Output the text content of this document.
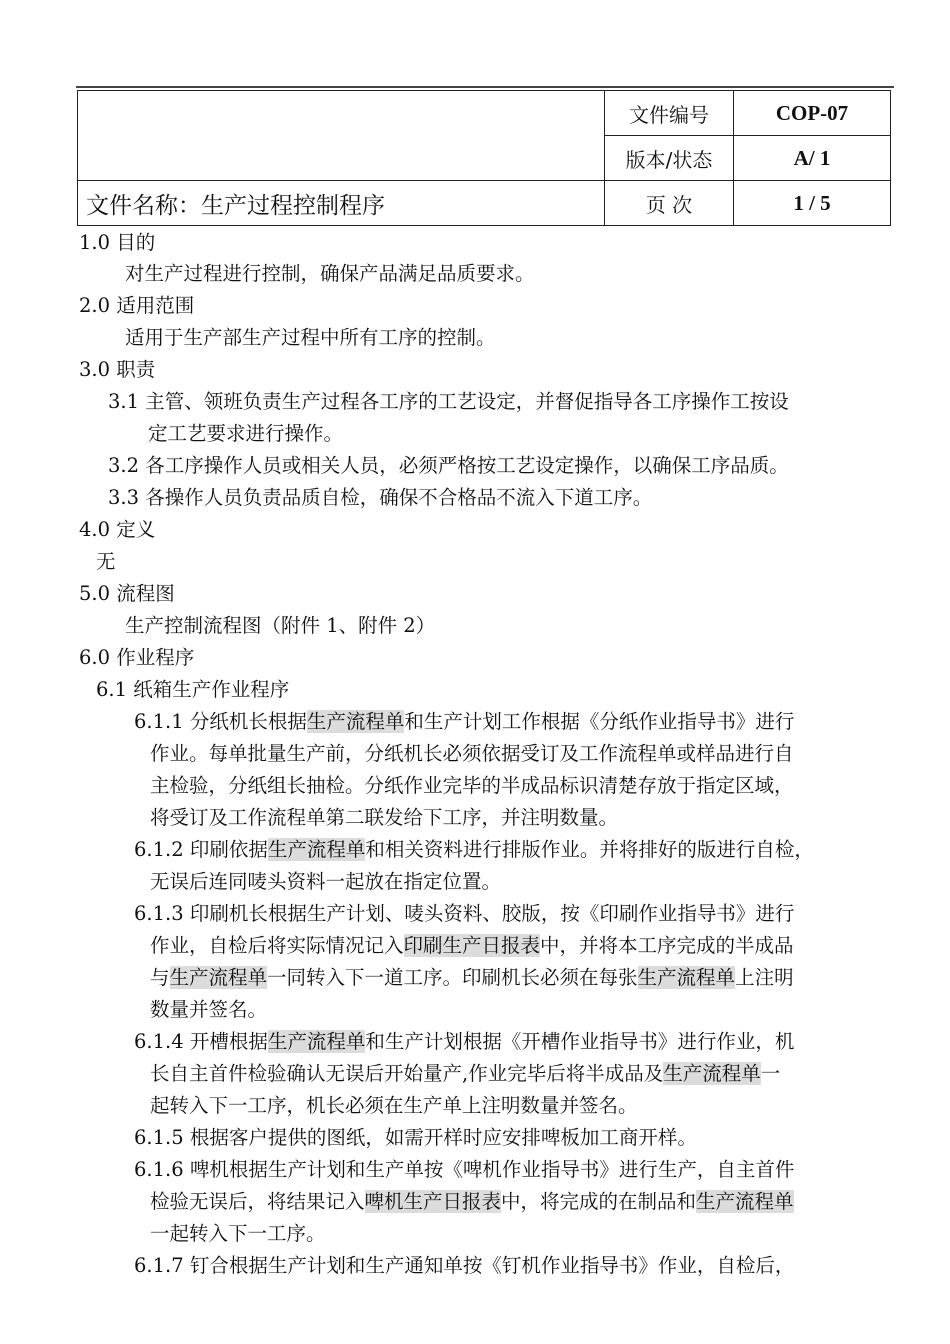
	文件编号	COP-07
	版本/状态	A/ 1
文件名称：生产过程控制程序	页 次	1 / 5
1.0 目的
对生产过程进行控制，确保产品满足品质要求。
2.0 适用范围
适用于生产部生产过程中所有工序的控制。
3.0 职责
3.1 主管、领班负责生产过程各工序的工艺设定，并督促指导各工序操作工按设
定工艺要求进行操作。
3.2 各工序操作人员或相关人员，必须严格按工艺设定操作，以确保工序品质。
3.3 各操作人员负责品质自检，确保不合格品不流入下道工序。
4.0 定义
无
5.0 流程图
生产控制流程图（附件 1、附件 2）
6.0 作业程序
6.1 纸箱生产作业程序
6.1.1 分纸机长根据生产流程单和生产计划工作根据《分纸作业指导书》进行
作业。每单批量生产前，分纸机长必须依据受订及工作流程单或样品进行自
主检验，分纸组长抽检。分纸作业完毕的半成品标识清楚存放于指定区域，
将受订及工作流程单第二联发给下工序，并注明数量。
6.1.2 印刷依据生产流程单和相关资料进行排版作业。并将排好的版进行自检，
无误后连同唛头资料一起放在指定位置。
6.1.3 印刷机长根据生产计划、唛头资料、胶版，按《印刷作业指导书》进行
作业，自检后将实际情况记入印刷生产日报表中，并将本工序完成的半成品
与生产流程单一同转入下一道工序。印刷机长必须在每张生产流程单上注明
数量并签名。
6.1.4 开槽根据生产流程单和生产计划根据《开槽作业指导书》进行作业，机
长自主首件检验确认无误后开始量产,作业完毕后将半成品及生产流程单一
起转入下一工序，机长必须在生产单上注明数量并签名。
6.1.5 根据客户提供的图纸，如需开样时应安排啤板加工商开样。
6.1.6 啤机根据生产计划和生产单按《啤机作业指导书》进行生产，自主首件
检验无误后，将结果记入啤机生产日报表中，将完成的在制品和生产流程单
一起转入下一工序。
6.1.7 钉合根据生产计划和生产通知单按《钉机作业指导书》作业，自检后，
